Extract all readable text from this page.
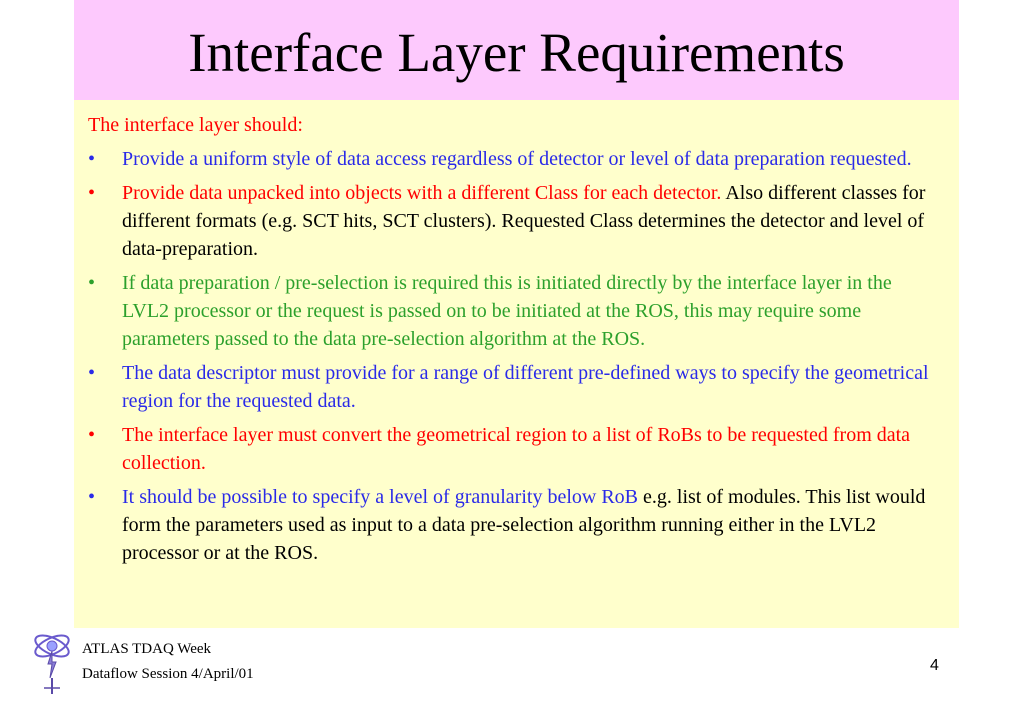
Interface Layer Requirements
The interface layer should:
• Provide a uniform style of data access regardless of detector or level of data preparation requested.
• Provide data unpacked into objects with a different Class for each detector. Also different classes for different formats (e.g. SCT hits, SCT clusters). Requested Class determines the detector and level of data-preparation.
• If data preparation / pre-selection is required this is initiated directly by the interface layer in the LVL2 processor or the request is passed on to be initiated at the ROS, this may require some parameters passed to the data pre-selection algorithm at the ROS.
• The data descriptor must provide for a range of different pre-defined ways to specify the geometrical region for the requested data.
• The interface layer must convert the geometrical region to a list of RoBs to be requested from data collection.
• It should be possible to specify a level of granularity below RoB e.g. list of modules. This list would form the parameters used as input to a data pre-selection algorithm running either in the LVL2 processor or at the ROS.
ATLAS TDAQ Week
Dataflow Session 4/April/01	4
